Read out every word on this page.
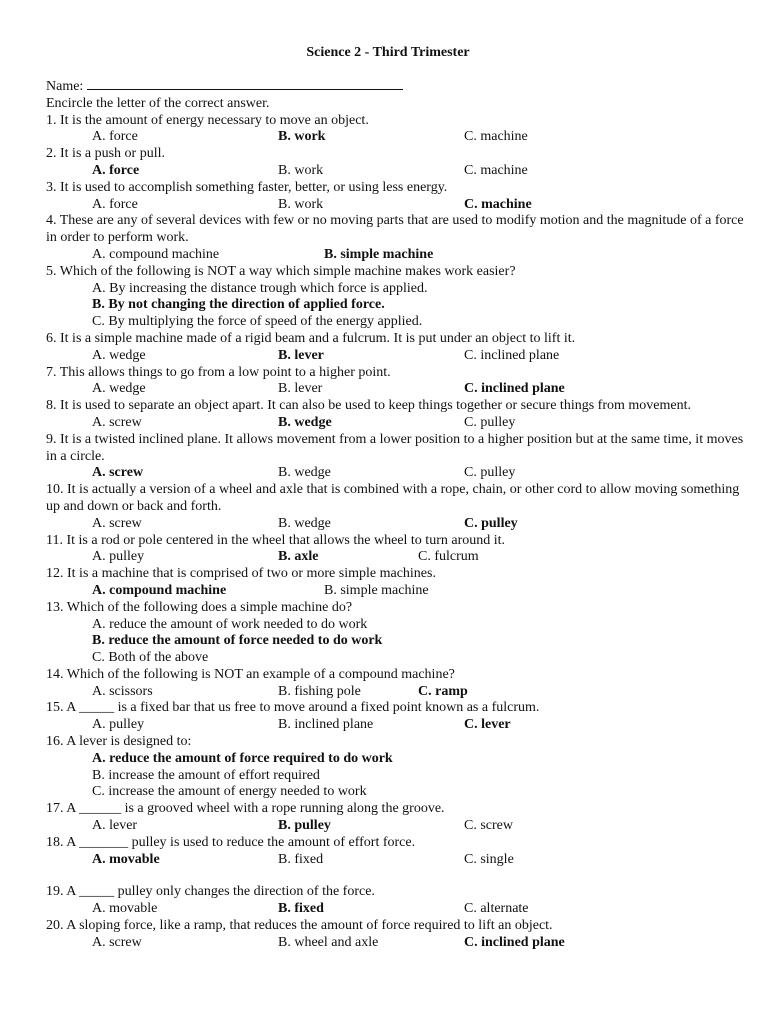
Science 2 - Third Trimester
Name:
Encircle the letter of the correct answer.
1. It is the amount of energy necessary to move an object.
A. force	B. work	C. machine
2. It is a push or pull.
A. force	B. work	C. machine
3. It is used to accomplish something faster, better, or using less energy.
A. force	B. work	C. machine
4. These are any of several devices with few or no moving parts that are used to modify motion and the magnitude of a force in order to perform work.
A. compound machine	B. simple machine
5. Which of the following is NOT a way which simple machine makes work easier?
A. By increasing the distance trough which force is applied.
B. By not changing the direction of applied force.
C. By multiplying the force of speed of the energy applied.
6. It is a simple machine made of a rigid beam and a fulcrum. It is put under an object to lift it.
A. wedge	B. lever	C. inclined plane
7. This allows things to go from a low point to a higher point.
A. wedge	B. lever	C. inclined plane
8. It is used to separate an object apart. It can also be used to keep things together or secure things from movement.
A. screw	B. wedge	C. pulley
9. It is a twisted inclined plane. It allows movement from a lower position to a higher position but at the same time, it moves in a circle.
A. screw	B. wedge	C. pulley
10. It is actually a version of a wheel and axle that is combined with a rope, chain, or other cord to allow moving something up and down or back and forth.
A. screw	B. wedge	C. pulley
11. It is a rod or pole centered in the wheel that allows the wheel to turn around it.
A. pulley	B. axle	C. fulcrum
12. It is a machine that is comprised of two or more simple machines.
A. compound machine	B. simple machine
13. Which of the following does a simple machine do?
A. reduce the amount of work needed to do work
B. reduce the amount of force needed to do work
C. Both of the above
14. Which of the following is NOT an example of a compound machine?
A. scissors	B. fishing pole	C. ramp
15. A _____ is a fixed bar that us free to move around a fixed point known as a fulcrum.
A. pulley	B. inclined plane	C. lever
16. A lever is designed to:
A. reduce the amount of force required to do work
B. increase the amount of effort required
C. increase the amount of energy needed to work
17. A ______ is a grooved wheel with a rope running along the groove.
A. lever	B. pulley	C. screw
18. A _______ pulley is used to reduce the amount of effort force.
A. movable	B. fixed	C. single
19. A _____ pulley only changes the direction of the force.
A. movable	B. fixed	C. alternate
20. A sloping force, like a ramp, that reduces the amount of force required to lift an object.
A. screw	B. wheel and axle	C. inclined plane
